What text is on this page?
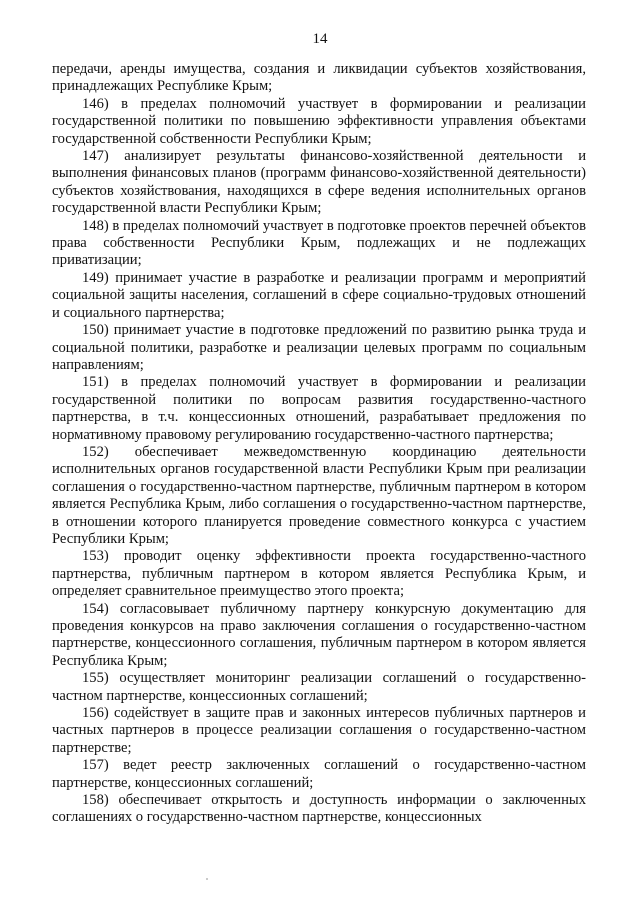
14

передачи, аренды имущества, создания и ликвидации субъектов хозяйствования, принадлежащих Республике Крым;

146) в пределах полномочий участвует в формировании и реализации государственной политики по повышению эффективности управления объектами государственной собственности Республики Крым;

147) анализирует результаты финансово-хозяйственной деятельности и выполнения финансовых планов (программ финансово-хозяйственной деятельности) субъектов хозяйствования, находящихся в сфере ведения исполнительных органов государственной власти Республики Крым;

148) в пределах полномочий участвует в подготовке проектов перечней объектов права собственности Республики Крым, подлежащих и не подлежащих приватизации;

149) принимает участие в разработке и реализации программ и мероприятий социальной защиты населения, соглашений в сфере социально-трудовых отношений и социального партнерства;

150) принимает участие в подготовке предложений по развитию рынка труда и социальной политики, разработке и реализации целевых программ по социальным направлениям;

151) в пределах полномочий участвует в формировании и реализации государственной политики по вопросам развития государственно-частного партнерства, в т.ч. концессионных отношений, разрабатывает предложения по нормативному правовому регулированию государственно-частного партнерства;

152) обеспечивает межведомственную координацию деятельности исполнительных органов государственной власти Республики Крым при реализации соглашения о государственно-частном партнерстве, публичным партнером в котором является Республика Крым, либо соглашения о государственно-частном партнерстве, в отношении которого планируется проведение совместного конкурса с участием Республики Крым;

153) проводит оценку эффективности проекта государственно-частного партнерства, публичным партнером в котором является Республика Крым, и определяет сравнительное преимущество этого проекта;

154) согласовывает публичному партнеру конкурсную документацию для проведения конкурсов на право заключения соглашения о государственно-частном партнерстве, концессионного соглашения, публичным партнером в котором является Республика Крым;

155) осуществляет мониторинг реализации соглашений о государственно-частном партнерстве, концессионных соглашений;

156) содействует в защите прав и законных интересов публичных партнеров и частных партнеров в процессе реализации соглашения о государственно-частном партнерстве;

157) ведет реестр заключенных соглашений о государственно-частном партнерстве, концессионных соглашений;

158) обеспечивает открытость и доступность информации о заключенных соглашениях о государственно-частном партнерстве, концессионных
